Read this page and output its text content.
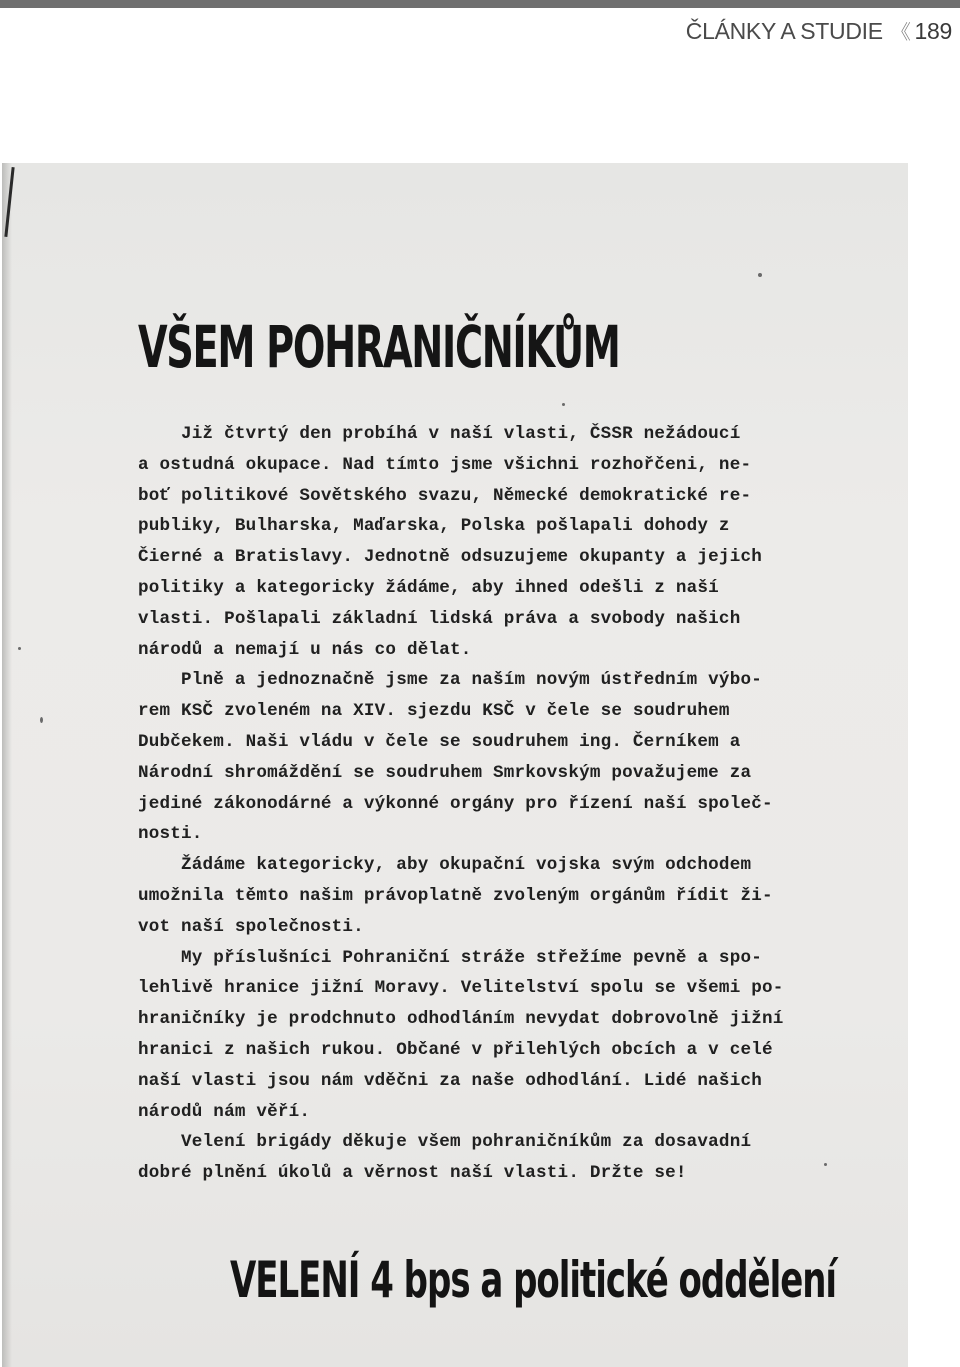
ČLÁNKY A STUDIE 《 189
VŠEM POHRANIČNÍKŮM
Již čtvrtý den probíhá v naší vlasti, ČSSR nežádoucí
a ostudná okupace. Nad tímto jsme všichni rozhořčeni, ne-
boť politikové Sovětského svazu, Německé demokratické re-
publiky, Bulharska, Maďarska, Polska pošlapali dohody z
Čierné a Bratislavy. Jednotně odsuzujeme okupanty a jejich
politiky a kategoricky žádáme, aby ihned odešli z naší
vlasti. Pošlapali základní lidská práva a svobody našich
národů a nemají u nás co dělat.
Plně a jednoznačně jsme za naším novým ústředním výbo-
rem KSČ zvoleném na XIV. sjezdu KSČ v čele se soudruhem
Dubčekem. Naši vládu v čele se soudruhem ing. Černíkem a
Národní shromáždění se soudruhem Smrkovským považujeme za
jediné zákonodárné a výkonné orgány pro řízení naší společ-
nosti.
Žádáme kategoricky, aby okupační vojska svým odchodem
umožnila těmto našim právoplatně zvoleným orgánům řídit ži-
vot naší společnosti.
My příslušníci Pohraniční stráže střežíme pevně a spo-
lehlivě hranice jižní Moravy. Velitelství spolu se všemi po-
hraničníky je prodchnuto odhodláním nevydat dobrovolně jižní
hranici z našich rukou. Občané v přilehlých obcích a v celé
naší vlasti jsou nám vděčni za naše odhodlání. Lidé našich
národů nám věří.
Velení brigády děkuje všem pohraničníkům za dosavadní
dobré plnění úkolů a věrnost naší vlasti. Držte se!
VELENÍ 4 bps a politické oddělení
